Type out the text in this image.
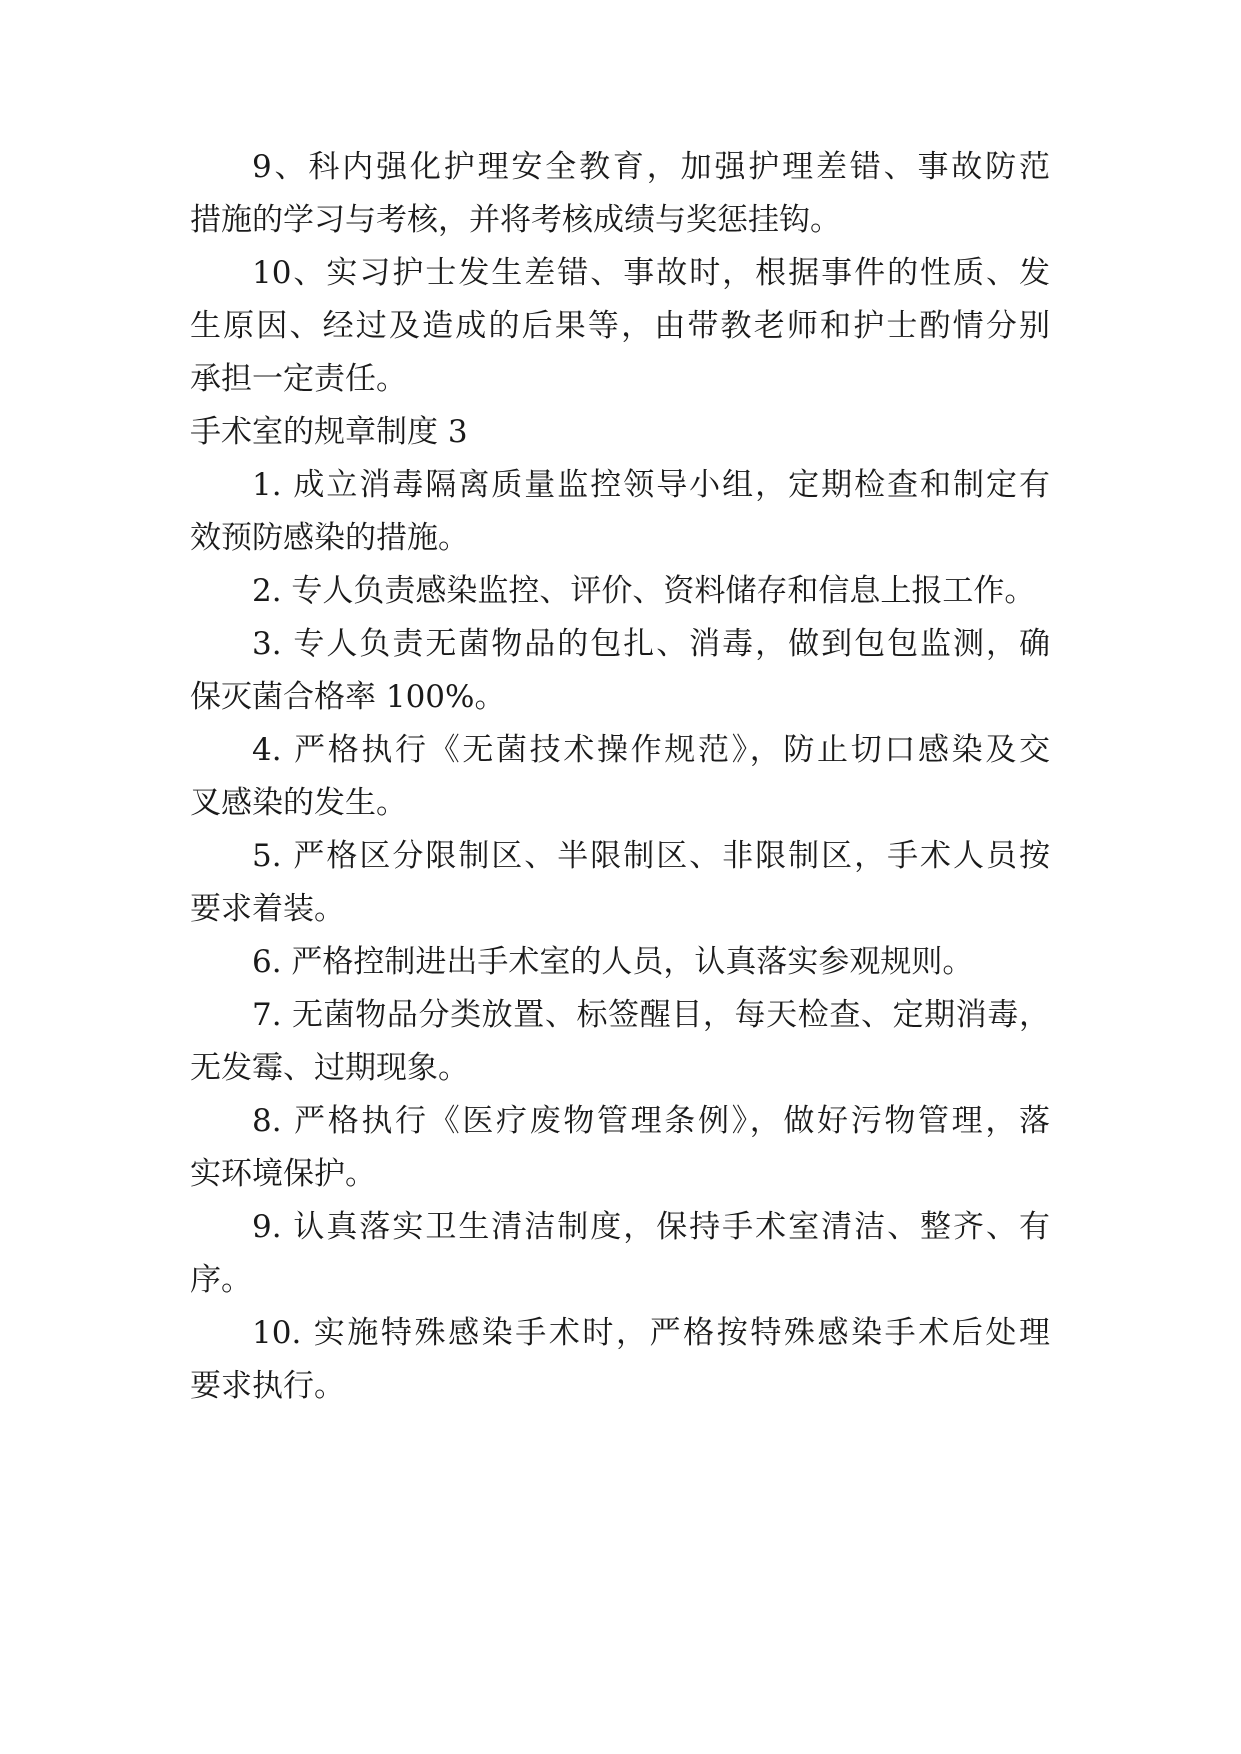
9、科内强化护理安全教育，加强护理差错、事故防范

措施的学习与考核，并将考核成绩与奖惩挂钩。

10、实习护士发生差错、事故时，根据事件的性质、发

生原因、经过及造成的后果等，由带教老师和护士酌情分别

承担一定责任。

手术室的规章制度 3

1. 成立消毒隔离质量监控领导小组，定期检查和制定有

效预防感染的措施。

2. 专人负责感染监控、评价、资料储存和信息上报工作。

3. 专人负责无菌物品的包扎、消毒，做到包包监测，确

保灭菌合格率 100%。

4. 严格执行《无菌技术操作规范》，防止切口感染及交

叉感染的发生。

5. 严格区分限制区、半限制区、非限制区，手术人员按

要求着装。

6. 严格控制进出手术室的人员，认真落实参观规则。

7. 无菌物品分类放置、标签醒目，每天检查、定期消毒，

无发霉、过期现象。

8. 严格执行《医疗废物管理条例》，做好污物管理，落

实环境保护。

9. 认真落实卫生清洁制度，保持手术室清洁、整齐、有

序。

10. 实施特殊感染手术时，严格按特殊感染手术后处理

要求执行。
